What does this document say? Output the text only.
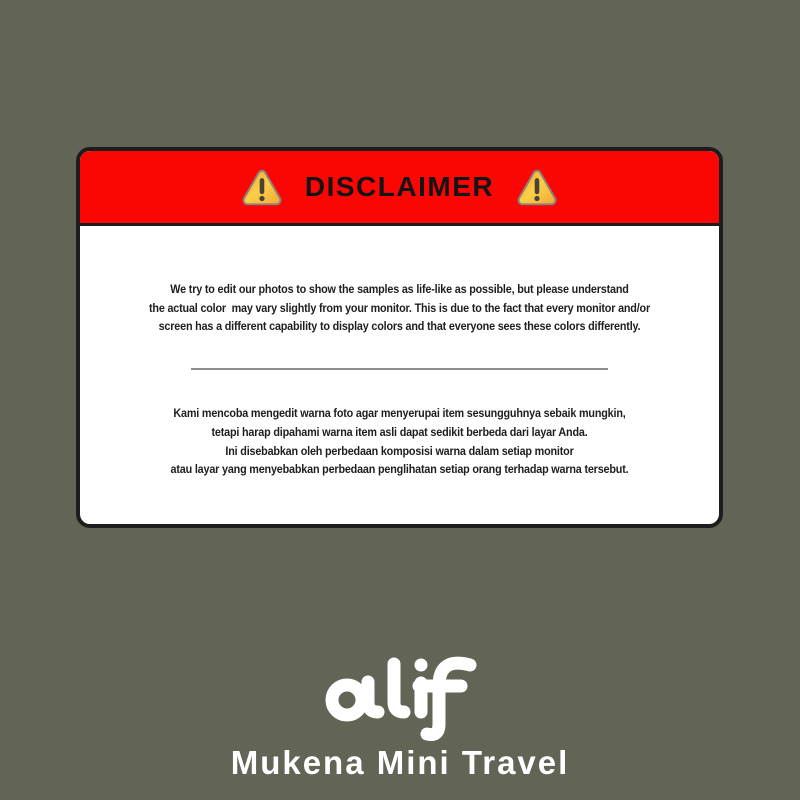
DISCLAIMER
We try to edit our photos to show the samples as life-like as possible, but please understand
the actual color  may vary slightly from your monitor. This is due to the fact that every monitor and/or
screen has a different capability to display colors and that everyone sees these colors differently.
Kami mencoba mengedit warna foto agar menyerupai item sesungguhnya sebaik mungkin,
tetapi harap dipahami warna item asli dapat sedikit berbeda dari layar Anda.
Ini disebabkan oleh perbedaan komposisi warna dalam setiap monitor
atau layar yang menyebabkan perbedaan penglihatan setiap orang terhadap warna tersebut.
Mukena Mini Travel
